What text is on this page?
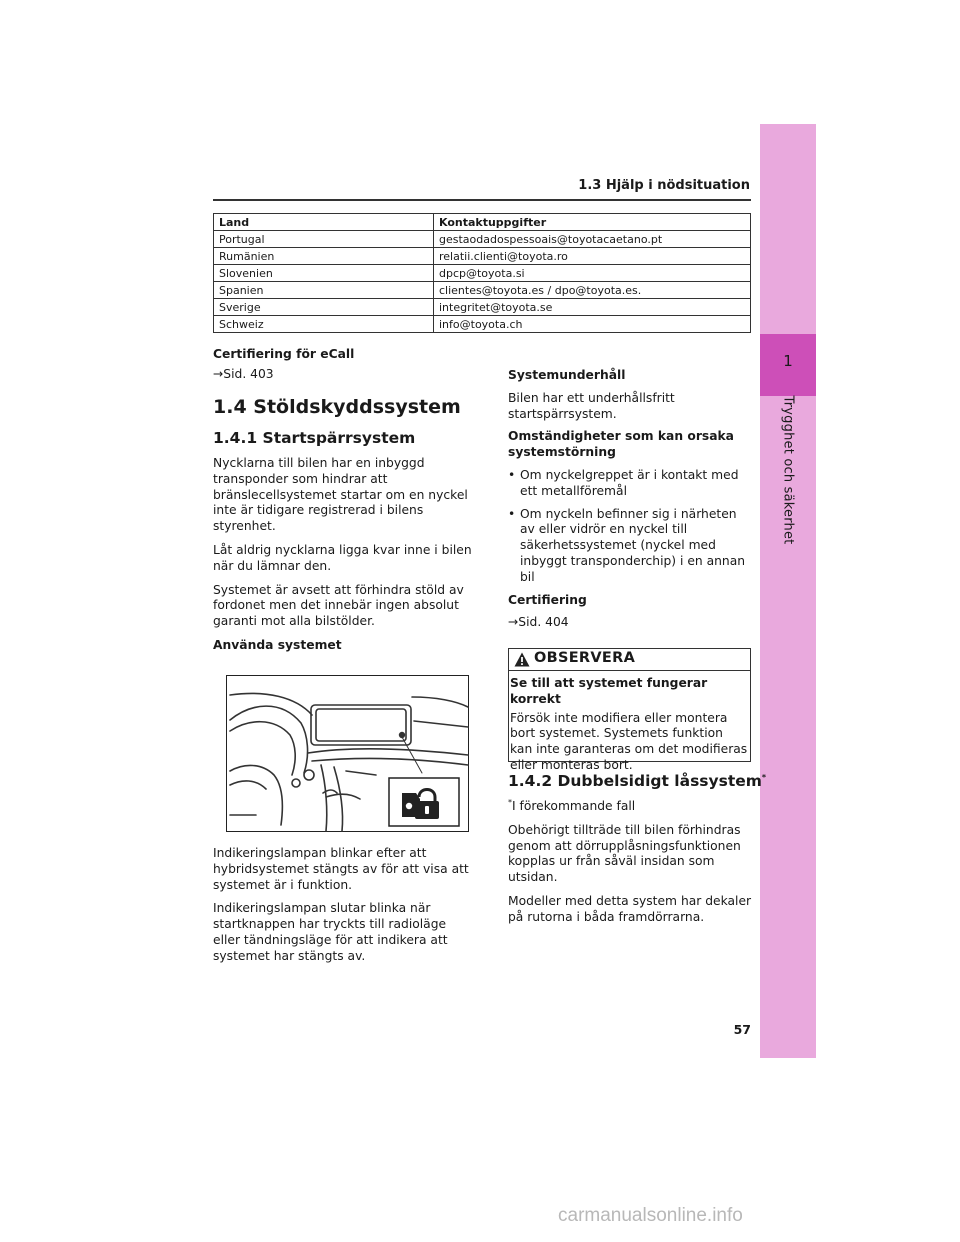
1
Trygghet och säkerhet
1.3 Hjälp i nödsituation
Land	Kontaktuppgifter
Portugal	gestaodadospessoais@toyotacaetano.pt
Rumänien	relatii.clienti@toyota.ro
Slovenien	dpcp@toyota.si
Spanien	clientes@toyota.es / dpo@toyota.es.
Sverige	integritet@toyota.se
Schweiz	info@toyota.ch

Certifiering för eCall

→Sid. 403

1.4 Stöldskyddssystem
1.4.1 Startspärrsystem

Nycklarna till bilen har en inbyggd transponder som hindrar att bränslecellsystemet startar om en nyckel inte är tidigare registrerad i bilens styrenhet.

Låt aldrig nycklarna ligga kvar inne i bilen när du lämnar den.

Systemet är avsett att förhindra stöld av fordonet men det innebär ingen absolut garanti mot alla bilstölder.

Använda systemet

Indikeringslampan blinkar efter att hybridsystemet stängts av för att visa att systemet är i funktion.

Indikeringslampan slutar blinka när startknappen har tryckts till radioläge eller tändningsläge för att indikera att systemet har stängts av.

Systemunderhåll

Bilen har ett underhållsfritt startspärrsystem.

Omständigheter som kan orsaka systemstörning

• Om nyckelgreppet är i kontakt med ett metallföremål
• Om nyckeln befinner sig i närheten av eller vidrör en nyckel till säkerhetssystemet (nyckel med inbyggt transponderchip) i en annan bil

Certifiering

→Sid. 404

OBSERVERA

Se till att systemet fungerar korrekt

Försök inte modifiera eller montera bort systemet. Systemets funktion kan inte garanteras om det modifieras eller monteras bort.

1.4.2 Dubbelsidigt låssystem*

*I förekommande fall

Obehörigt tillträde till bilen förhindras genom att dörrupplåsningsfunktionen kopplas ur från såväl insidan som utsidan.

Modeller med detta system har dekaler på rutorna i båda framdörrarna.

57
carmanualsonline.info
